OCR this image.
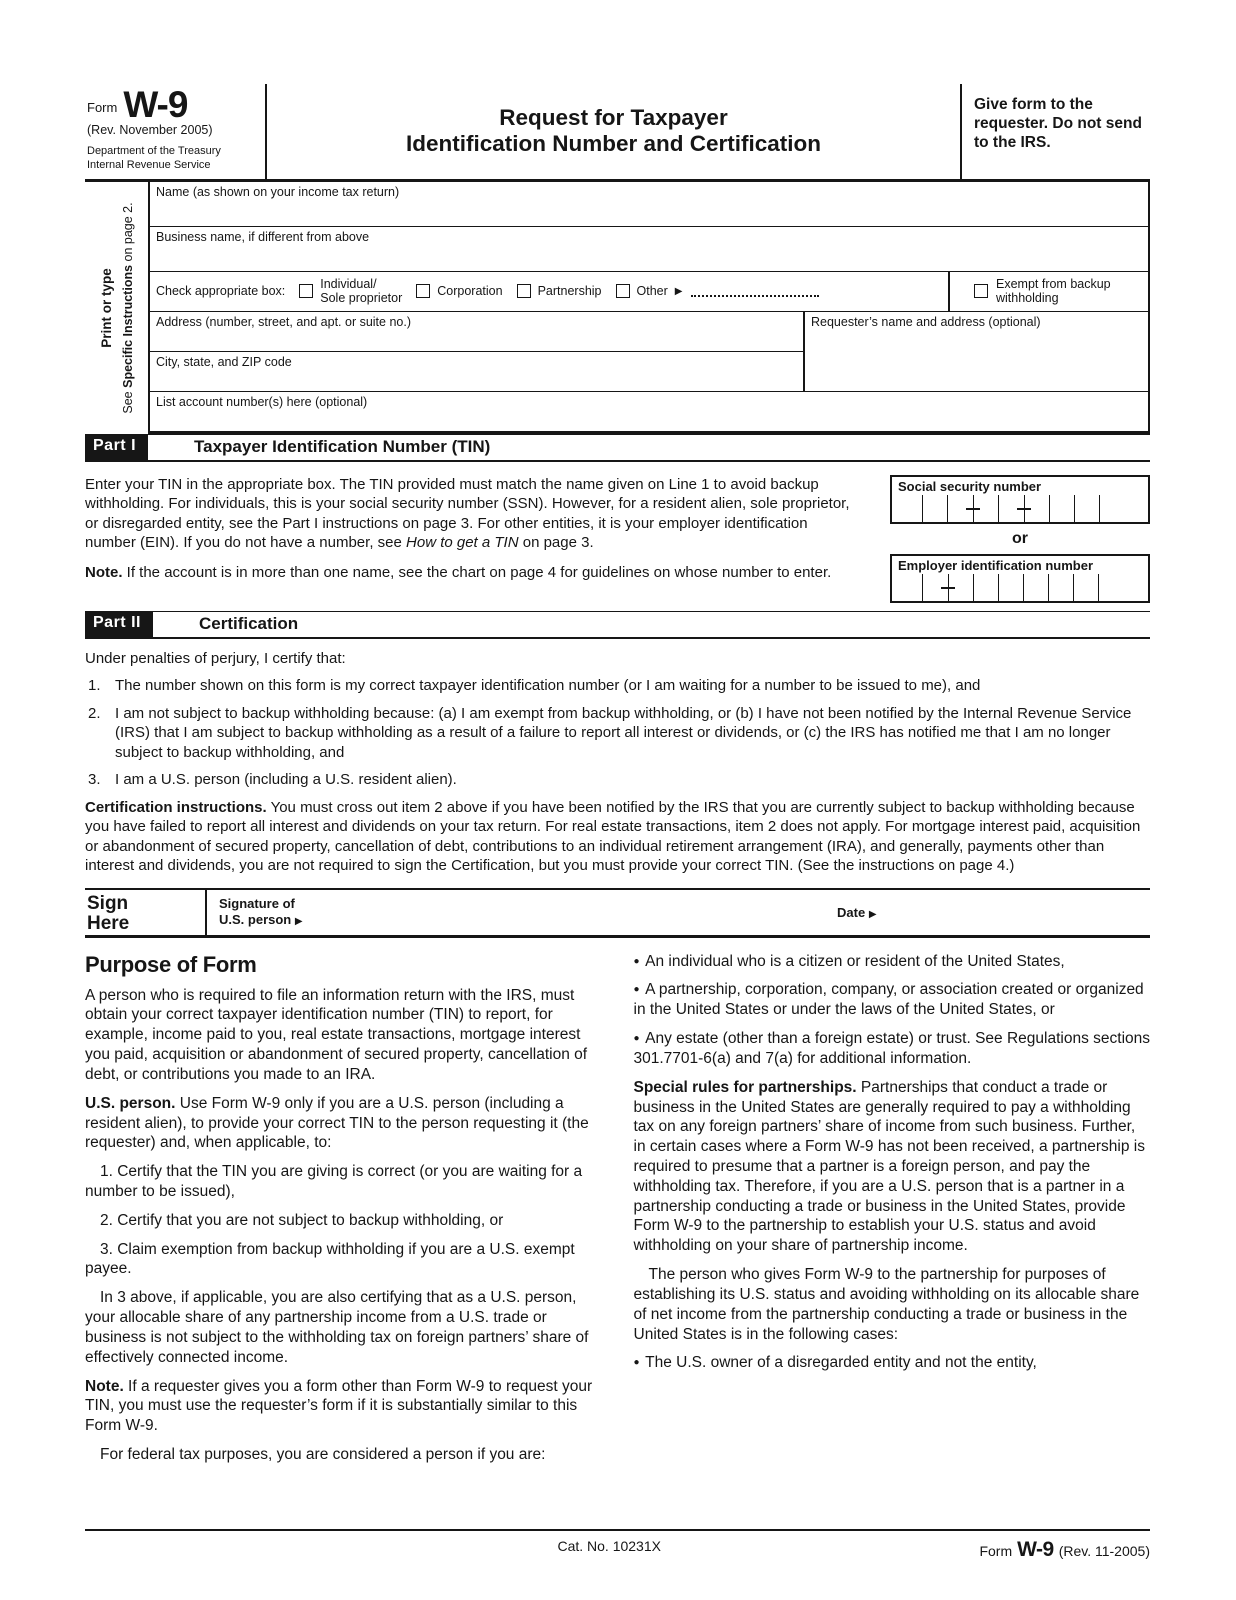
Form W-9
(Rev. November 2005)
Department of the Treasury
Internal Revenue Service
Request for Taxpayer
Identification Number and Certification
Give form to the requester. Do not send to the IRS.
Print or type
See Specific Instructions on page 2.
Name (as shown on your income tax return)
Business name, if different from above
Check appropriate box:
Individual/
Sole proprietor
Corporation	Partnership	Other ▶
Exempt from backup
withholding
Address (number, street, and apt. or suite no.)
City, state, and ZIP code
Requester’s name and address (optional)
List account number(s) here (optional)
Part I	Taxpayer Identification Number (TIN)

Enter your TIN in the appropriate box. The TIN provided must match the name given on Line 1 to avoid backup withholding. For individuals, this is your social security number (SSN). However, for a resident alien, sole proprietor, or disregarded entity, see the Part I instructions on page 3. For other entities, it is your employer identification number (EIN). If you do not have a number, see How to get a TIN on page 3.

Note. If the account is in more than one name, see the chart on page 4 for guidelines on whose number to enter.

Social security number
or
Employer identification number
Part II	Certification

Under penalties of perjury, I certify that:

1. The number shown on this form is my correct taxpayer identification number (or I am waiting for a number to be issued to me), and
2. I am not subject to backup withholding because: (a) I am exempt from backup withholding, or (b) I have not been notified by the Internal Revenue Service (IRS) that I am subject to backup withholding as a result of a failure to report all interest or dividends, or (c) the IRS has notified me that I am no longer subject to backup withholding, and
3. I am a U.S. person (including a U.S. resident alien).

Certification instructions. You must cross out item 2 above if you have been notified by the IRS that you are currently subject to backup withholding because you have failed to report all interest and dividends on your tax return. For real estate transactions, item 2 does not apply. For mortgage interest paid, acquisition or abandonment of secured property, cancellation of debt, contributions to an individual retirement arrangement (IRA), and generally, payments other than interest and dividends, you are not required to sign the Certification, but you must provide your correct TIN. (See the instructions on page 4.)

Sign
Here
Signature of
U.S. person ▶
Date ▶
Purpose of Form

A person who is required to file an information return with the IRS, must obtain your correct taxpayer identification number (TIN) to report, for example, income paid to you, real estate transactions, mortgage interest you paid, acquisition or abandonment of secured property, cancellation of debt, or contributions you made to an IRA.

U.S. person. Use Form W-9 only if you are a U.S. person (including a resident alien), to provide your correct TIN to the person requesting it (the requester) and, when applicable, to:

1. Certify that the TIN you are giving is correct (or you are waiting for a number to be issued),

2. Certify that you are not subject to backup withholding, or

3. Claim exemption from backup withholding if you are a U.S. exempt payee.

In 3 above, if applicable, you are also certifying that as a U.S. person, your allocable share of any partnership income from a U.S. trade or business is not subject to the withholding tax on foreign partners’ share of effectively connected income.

Note. If a requester gives you a form other than Form W-9 to request your TIN, you must use the requester’s form if it is substantially similar to this Form W-9.

For federal tax purposes, you are considered a person if you are:

●  An individual who is a citizen or resident of the United States,

●  A partnership, corporation, company, or association created or organized in the United States or under the laws of the United States, or

●  Any estate (other than a foreign estate) or trust. See Regulations sections 301.7701-6(a) and 7(a) for additional information.

Special rules for partnerships. Partnerships that conduct a trade or business in the United States are generally required to pay a withholding tax on any foreign partners’ share of income from such business. Further, in certain cases where a Form W-9 has not been received, a partnership is required to presume that a partner is a foreign person, and pay the withholding tax. Therefore, if you are a U.S. person that is a partner in a partnership conducting a trade or business in the United States, provide Form W-9 to the partnership to establish your U.S. status and avoid withholding on your share of partnership income.

The person who gives Form W-9 to the partnership for purposes of establishing its U.S. status and avoiding withholding on its allocable share of net income from the partnership conducting a trade or business in the United States is in the following cases:

●  The U.S. owner of a disregarded entity and not the entity,

Cat. No. 10231X	Form W-9 (Rev. 11-2005)
